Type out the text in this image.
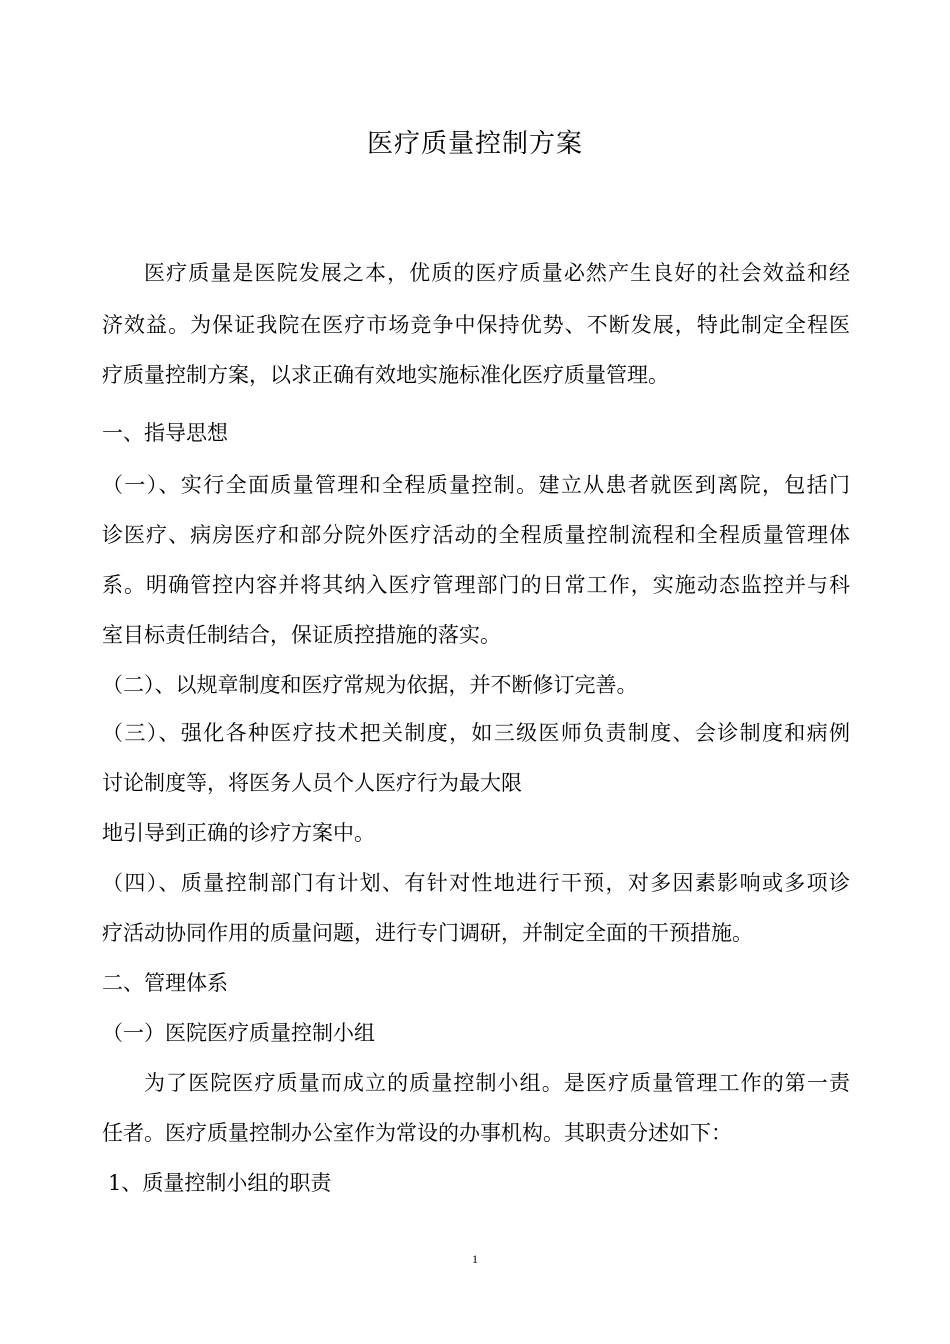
医疗质量控制方案
医疗质量是医院发展之本，优质的医疗质量必然产生良好的社会效益和经
济效益。为保证我院在医疗市场竞争中保持优势、不断发展，特此制定全程医
疗质量控制方案，以求正确有效地实施标准化医疗质量管理。
一、指导思想
（一）、实行全面质量管理和全程质量控制。建立从患者就医到离院，包括门
诊医疗、病房医疗和部分院外医疗活动的全程质量控制流程和全程质量管理体
系。明确管控内容并将其纳入医疗管理部门的日常工作，实施动态监控并与科
室目标责任制结合，保证质控措施的落实。
（二）、以规章制度和医疗常规为依据，并不断修订完善。
（三）、强化各种医疗技术把关制度，如三级医师负责制度、会诊制度和病例
讨论制度等，将医务人员个人医疗行为最大限
地引导到正确的诊疗方案中。
（四）、质量控制部门有计划、有针对性地进行干预，对多因素影响或多项诊
疗活动协同作用的质量问题，进行专门调研，并制定全面的干预措施。
二、管理体系
（一）医院医疗质量控制小组
为了医院医疗质量而成立的质量控制小组。是医疗质量管理工作的第一责
任者。医疗质量控制办公室作为常设的办事机构。其职责分述如下：
1、质量控制小组的职责
1
